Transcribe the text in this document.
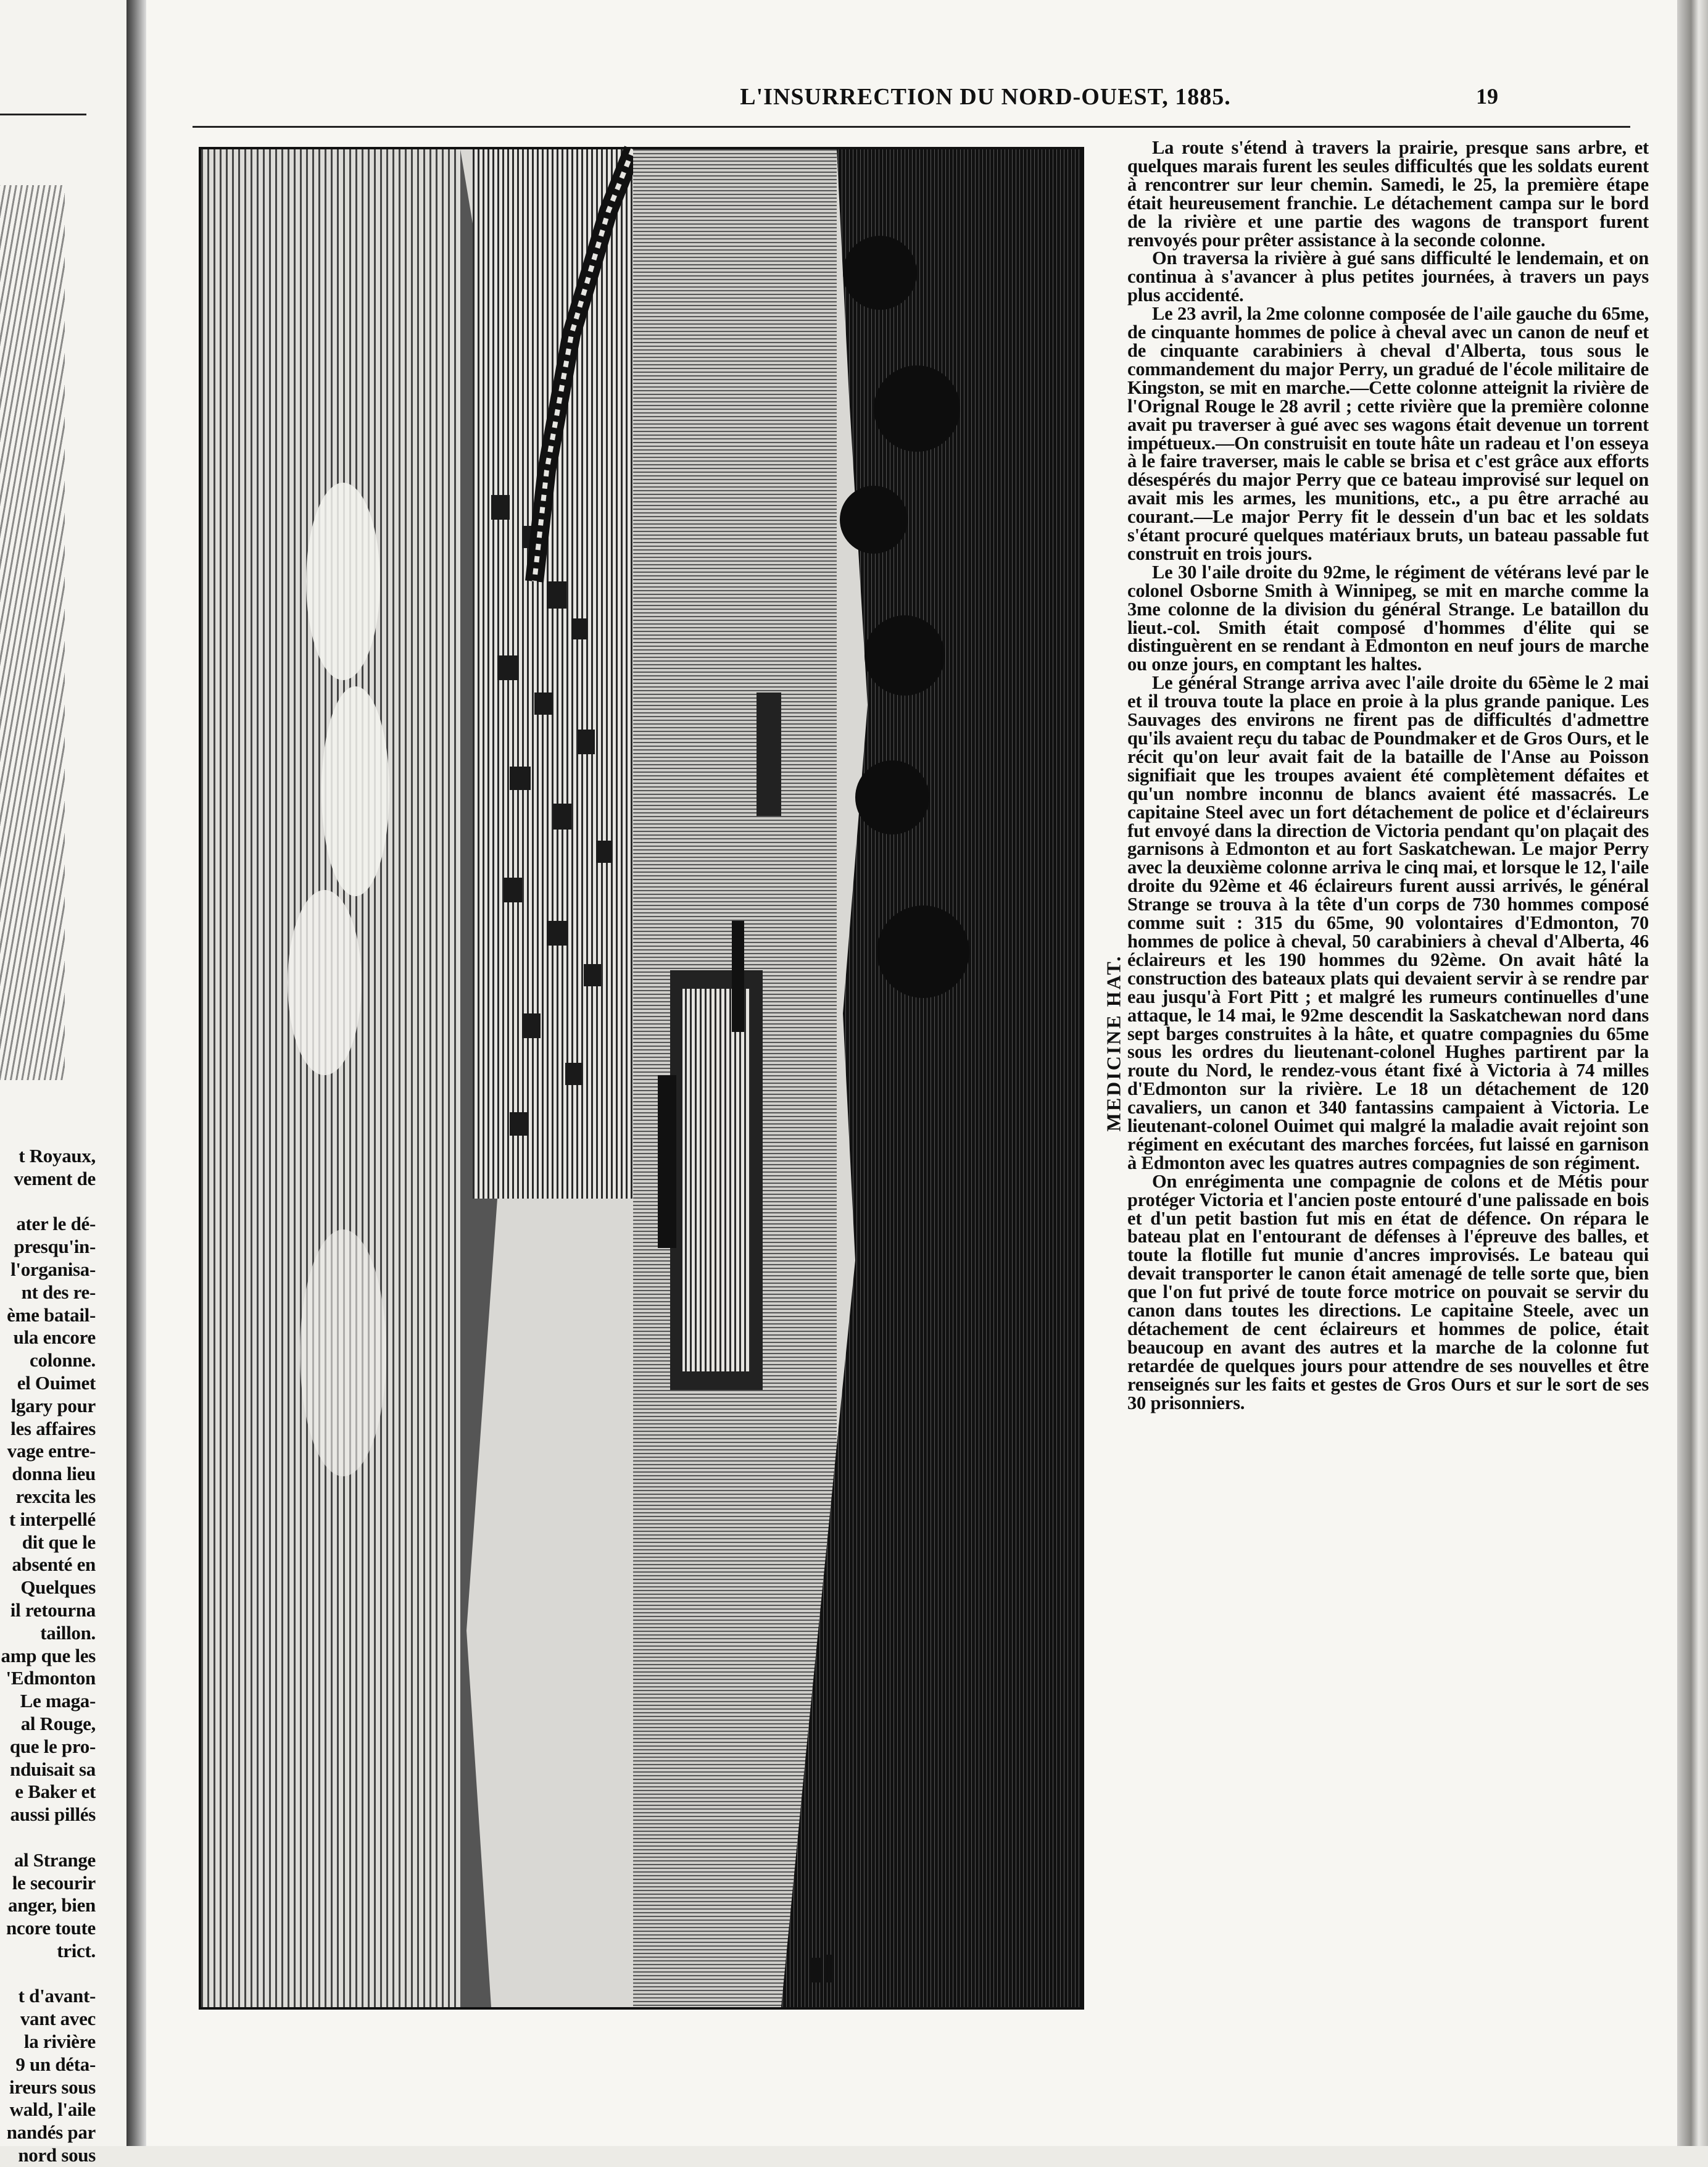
t Royaux,
vement de

ater le dé-
presqu'in-
l'organisa-
nt des re-
ème batail-
ula encore
colonne.
el Ouimet
lgary pour
les affaires
vage entre-
donna lieu
rexcita les
t interpellé
dit que le
absenté en
Quelques
il retourna
taillon.
amp que les
'Edmonton
Le maga-
al Rouge,
que le pro-
nduisait sa
e Baker et
aussi pillés

al Strange
le secourir
anger, bien
ncore toute
trict.

t d'avant-
vant avec
la rivière
9 un déta-
ireurs sous
wald, l'aile
nandés par
nord sous
L'INSURRECTION DU NORD-OUEST, 1885.	19
MEDICINE HAT.

La route s'étend à travers la prairie, presque sans arbre, et quelques marais furent les seules difficultés que les soldats eurent à rencontrer sur leur chemin. Samedi, le 25, la première étape était heureusement franchie. Le détachement campa sur le bord de la rivière et une partie des wagons de transport furent renvoyés pour prêter assistance à la seconde colonne.

On traversa la rivière à gué sans difficulté le lendemain, et on continua à s'avancer à plus petites journées, à travers un pays plus accidenté.

Le 23 avril, la 2me colonne composée de l'aile gauche du 65me, de cinquante hommes de police à cheval avec un canon de neuf et de cinquante carabiniers à cheval d'Alberta, tous sous le commandement du major Perry, un gradué de l'école militaire de Kingston, se mit en marche.—Cette colonne atteignit la rivière de l'Orignal Rouge le 28 avril ; cette rivière que la première colonne avait pu traverser à gué avec ses wagons était devenue un torrent impétueux.—On construisit en toute hâte un radeau et l'on esseya à le faire traverser, mais le cable se brisa et c'est grâce aux efforts désespérés du major Perry que ce bateau improvisé sur lequel on avait mis les armes, les munitions, etc., a pu être arraché au courant.—Le major Perry fit le dessein d'un bac et les soldats s'étant procuré quelques matériaux bruts, un bateau passable fut construit en trois jours.

Le 30 l'aile droite du 92me, le régiment de vétérans levé par le colonel Osborne Smith à Winnipeg, se mit en marche comme la 3me colonne de la division du général Strange. Le bataillon du lieut.-col. Smith était composé d'hommes d'élite qui se distinguèrent en se rendant à Edmonton en neuf jours de marche ou onze jours, en comptant les haltes.

Le général Strange arriva avec l'aile droite du 65ème le 2 mai et il trouva toute la place en proie à la plus grande panique. Les Sauvages des environs ne firent pas de difficultés d'admettre qu'ils avaient reçu du tabac de Poundmaker et de Gros Ours, et le récit qu'on leur avait fait de la bataille de l'Anse au Poisson signifiait que les troupes avaient été complètement défaites et qu'un nombre inconnu de blancs avaient été massacrés. Le capitaine Steel avec un fort détachement de police et d'éclaireurs fut envoyé dans la direction de Victoria pendant qu'on plaçait des garnisons à Edmonton et au fort Saskatchewan. Le major Perry avec la deuxième colonne arriva le cinq mai, et lorsque le 12, l'aile droite du 92ème et 46 éclaireurs furent aussi arrivés, le général Strange se trouva à la tête d'un corps de 730 hommes composé comme suit : 315 du 65me, 90 volontaires d'Edmonton, 70 hommes de police à cheval, 50 carabiniers à cheval d'Alberta, 46 éclaireurs et les 190 hommes du 92ème. On avait hâté la construction des bateaux plats qui devaient servir à se rendre par eau jusqu'à Fort Pitt ; et malgré les rumeurs continuelles d'une attaque, le 14 mai, le 92me descendit la Saskatchewan nord dans sept barges construites à la hâte, et quatre compagnies du 65me sous les ordres du lieutenant-colonel Hughes partirent par la route du Nord, le rendez-vous étant fixé à Victoria à 74 milles d'Edmonton sur la rivière. Le 18 un détachement de 120 cavaliers, un canon et 340 fantassins campaient à Victoria. Le lieutenant-colonel Ouimet qui malgré la maladie avait rejoint son régiment en exécutant des marches forcées, fut laissé en garnison à Edmonton avec les quatres autres compagnies de son régiment.

On enrégimenta une compagnie de colons et de Métis pour protéger Victoria et l'ancien poste entouré d'une palissade en bois et d'un petit bastion fut mis en état de défence. On répara le bateau plat en l'entourant de défenses à l'épreuve des balles, et toute la flotille fut munie d'ancres improvisés. Le bateau qui devait transporter le canon était amenagé de telle sorte que, bien que l'on fut privé de toute force motrice on pouvait se servir du canon dans toutes les directions. Le capitaine Steele, avec un détachement de cent éclaireurs et hommes de police, était beaucoup en avant des autres et la marche de la colonne fut retardée de quelques jours pour attendre de ses nouvelles et être renseignés sur les faits et gestes de Gros Ours et sur le sort de ses 30 prisonniers.
